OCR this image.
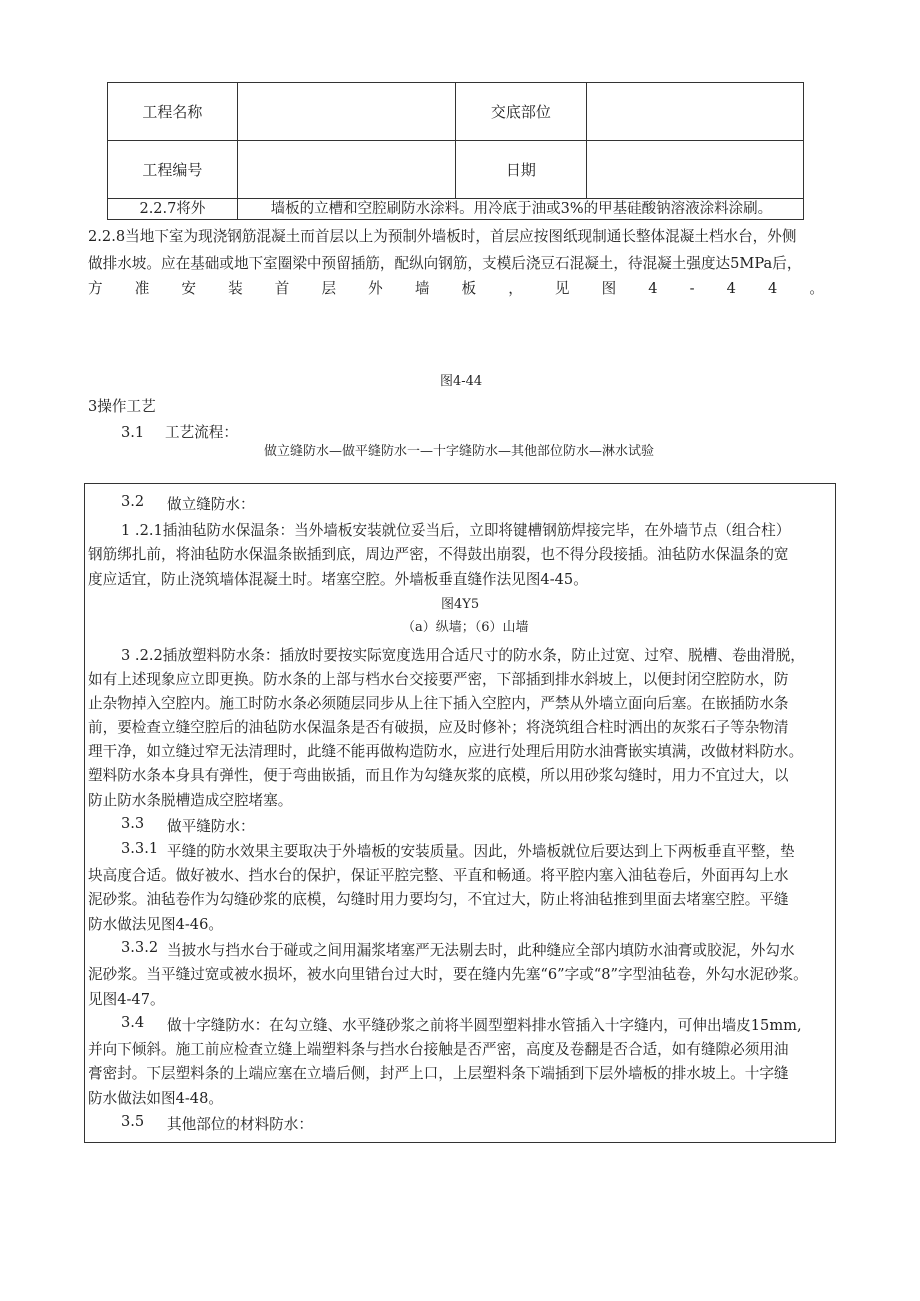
工程名称		交底部位	
工程编号		日期	
2.2.7将外	墙板的立槽和空腔刷防水涂料。用冷底于油或3%的甲基硅酸钠溶液涂料涂刷。		
2.2.8当地下室为现浇钢筋混凝土而首层以上为预制外墙板时，首层应按图纸现制通长整体混凝土档水台，外侧
做排水坡。应在基础或地下室圈梁中预留插筋，配纵向钢筋，支模后浇豆石混凝土，待混凝土强度达5MPa后，
方 准 安 装 首 层 外 墙 板 ， 见 图 4 - 4 4 。
图4-44
3操作工艺
3.1 工艺流程：
做立缝防水—做平缝防水一—十字缝防水—其他部位防水—淋水试验
3.2 做立缝防水：
1 .2.1插油毡防水保温条：当外墙板安装就位妥当后，立即将键槽钢筋焊接完毕，在外墙节点（组合柱）
钢筋绑扎前，将油毡防水保温条嵌插到底，周边严密，不得鼓出崩裂，也不得分段接插。油毡防水保温条的宽
度应适宜，防止浇筑墙体混凝土时。堵塞空腔。外墙板垂直缝作法见图4-45。
图4Y5
（a）纵墙；（6）山墙
3 .2.2插放塑料防水条：插放时要按实际宽度选用合适尺寸的防水条，防止过宽、过窄、脱槽、卷曲滑脱，
如有上述现象应立即更换。防水条的上部与档水台交接要严密，下部插到排水斜坡上，以便封闭空腔防水，防
止杂物掉入空腔内。施工时防水条必须随层同步从上往下插入空腔内，严禁从外墙立面向后塞。在嵌插防水条
前，要检查立缝空腔后的油毡防水保温条是否有破损，应及时修补；将浇筑组合柱时洒出的灰浆石子等杂物清
理干净，如立缝过窄无法清理时，此缝不能再做构造防水，应进行处理后用防水油膏嵌实填满，改做材料防水。
塑料防水条本身具有弹性，便于弯曲嵌插，而且作为勾缝灰浆的底模，所以用砂浆勾缝时，用力不宜过大，以
防止防水条脱槽造成空腔堵塞。
3.3 做平缝防水：
3.3.1 平缝的防水效果主要取决于外墙板的安装质量。因此，外墙板就位后要达到上下两板垂直平整，垫
块高度合适。做好被水、挡水台的保护，保证平腔完整、平直和畅通。将平腔内塞入油毡卷后，外面再勾上水
泥砂浆。油毡卷作为勾缝砂浆的底模，勾缝时用力要均匀，不宜过大，防止将油毡推到里面去堵塞空腔。平缝
防水做法见图4-46。
3.3.2 当披水与挡水台于碰或之间用漏浆堵塞严无法剔去时，此种缝应全部内填防水油膏或胶泥，外勾水
泥砂浆。当平缝过宽或被水损坏，被水向里错台过大时，要在缝内先塞“6”字或“8”字型油毡卷，外勾水泥砂浆。
见图4-47。
3.4 做十字缝防水：在勾立缝、水平缝砂浆之前将半圆型塑料排水管插入十字缝内，可伸出墙皮15mm,
并向下倾斜。施工前应检查立缝上端塑料条与挡水台接触是否严密，高度及卷翻是否合适，如有缝隙必须用油
膏密封。下层塑料条的上端应塞在立墙后侧，封严上口，上层塑料条下端插到下层外墙板的排水坡上。十字缝
防水做法如图4-48。
3.5 其他部位的材料防水：
